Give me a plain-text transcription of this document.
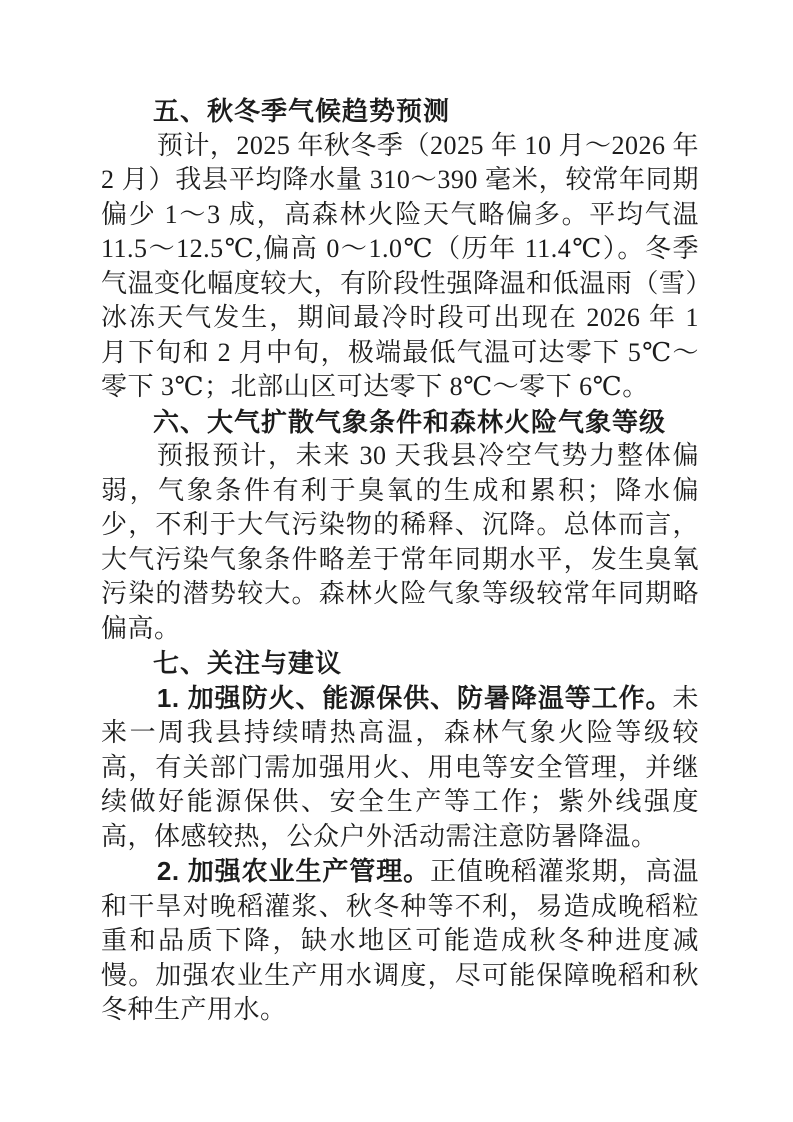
五、秋冬季气候趋势预测

预计，2025 年秋冬季（2025 年 10 月～2026 年 2 月）我县平均降水量 310～390 毫米，较常年同期偏少 1～3 成，高森林火险天气略偏多。平均气温 11.5～12.5℃,偏高 0～1.0℃（历年 11.4℃）。冬季气温变化幅度较大，有阶段性强降温和低温雨（雪）冰冻天气发生，期间最冷时段可出现在 2026 年 1 月下旬和 2 月中旬，极端最低气温可达零下 5℃～零下 3℃；北部山区可达零下 8℃～零下 6℃。

六、大气扩散气象条件和森林火险气象等级

预报预计，未来 30 天我县冷空气势力整体偏弱，气象条件有利于臭氧的生成和累积；降水偏少，不利于大气污染物的稀释、沉降。总体而言，大气污染气象条件略差于常年同期水平，发生臭氧污染的潜势较大。森林火险气象等级较常年同期略偏高。

七、关注与建议

1. 加强防火、能源保供、防暑降温等工作。未来一周我县持续晴热高温，森林气象火险等级较高，有关部门需加强用火、用电等安全管理，并继续做好能源保供、安全生产等工作；紫外线强度高，体感较热，公众户外活动需注意防暑降温。

2. 加强农业生产管理。正值晚稻灌浆期，高温和干旱对晚稻灌浆、秋冬种等不利，易造成晚稻粒重和品质下降，缺水地区可能造成秋冬种进度减慢。加强农业生产用水调度，尽可能保障晚稻和秋冬种生产用水。
